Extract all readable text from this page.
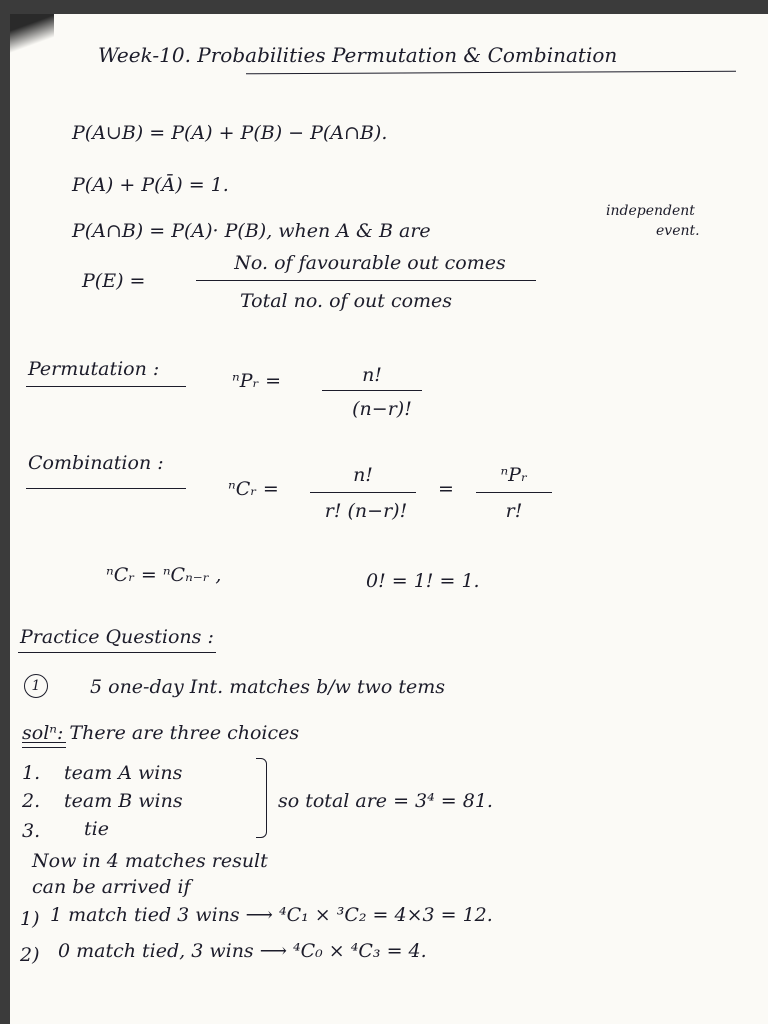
Week-10. Probabilities Permutation & Combination
P(A∪B) = P(A) + P(B) − P(A∩B).
P(A) + P(Ā) = 1.
P(A∩B) = P(A)· P(B), when A & B are
independent
event.
P(E) =
No. of favourable out comes
Total no. of out comes
Permutation :
ⁿPᵣ =	n!
(n−r)!
Combination :
ⁿCᵣ =
n!
r! (n−r)!
=
ⁿPᵣ
r!
ⁿCᵣ = ⁿCₙ₋ᵣ ,	0! = 1! = 1.
Practice Questions :
1	5 one-day Int. matches b/w two tems
solⁿ: There are three choices
1. team A wins
2. team B wins
3. tie
so total are = 3⁴ = 81.
Now in 4 matches result
can be arrived if
1) 1 match tied 3 wins ⟶ ⁴C₁ × ³C₂ = 4×3 = 12.
2) 0 match tied, 3 wins ⟶ ⁴C₀ × ⁴C₃ = 4.
